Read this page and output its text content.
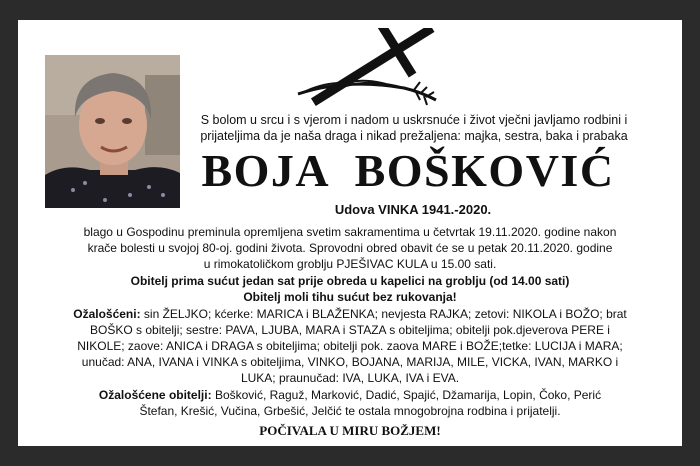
S bolom u srcu i s vjerom i nadom u uskrsnuće i život vječni javljamo rodbini i

prijateljima da je naša draga i nikad prežaljena: majka, sestra, baka i prabaka

BOJA BOŠKOVIĆ

Udova VINKA 1941.-2020.

blago u Gospodinu preminula opremljena svetim sakramentima u četvrtak 19.11.2020. godine nakon

krače bolesti u svojoj 80-oj. godini života. Sprovodni obred obavit će se u petak 20.11.2020. godine

u rimokatoličkom groblju PJEŠIVAC KULA u 15.00 sati.

Obitelj prima sućut jedan sat prije obreda u kapelici na groblju (od 14.00 sati)

Obitelj moli tihu sućut bez rukovanja!

Ožalošćeni: sin ŽELJKO; kćerke: MARICA i BLAŽENKA; nevjesta RAJKA; zetovi: NIKOLA i BOŽO; brat

BOŠKO s obitelji; sestre: PAVA, LJUBA, MARA i STAZA s obiteljima; obitelji pok.djeverova PERE i

NIKOLE; zaove: ANICA i DRAGA s obiteljima; obitelji pok. zaova MARE i BOŽE;tetke: LUCIJA i MARA;

unučad: ANA, IVANA i VINKA s obiteljima, VINKO, BOJANA, MARIJA, MILE, VICKA, IVAN, MARKO i

LUKA; praunučad: IVA, LUKA, IVA i EVA.

Ožalošćene obitelji: Bošković, Raguž, Marković, Dadić, Spajić, Džamarija, Lopin, Čoko, Perić

Štefan, Krešić, Vučina, Grbešić, Jelčić te ostala mnogobrojna rodbina i prijatelji.

POČIVALA U MIRU BOŽJEM!
